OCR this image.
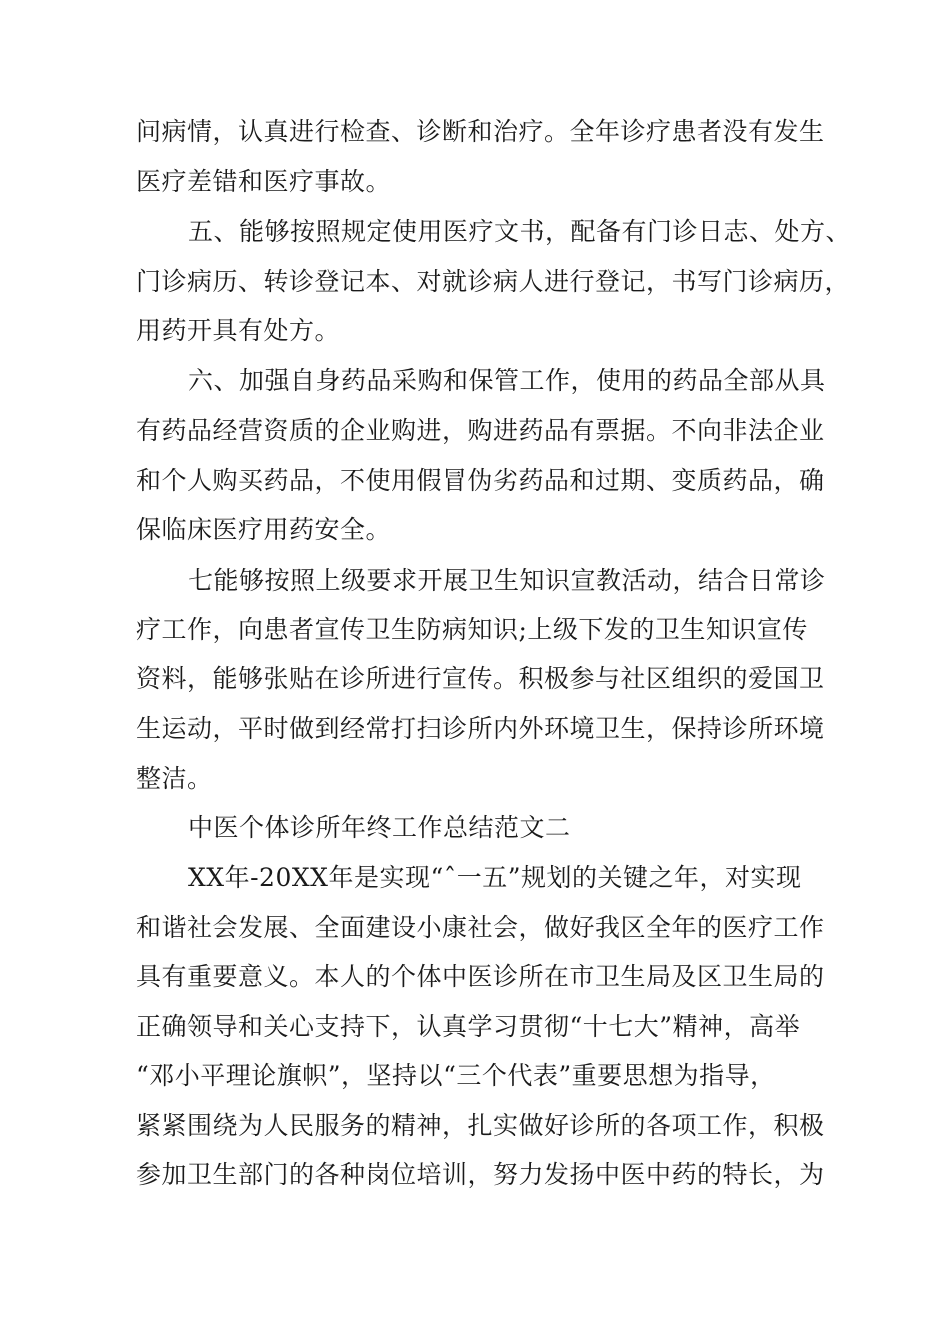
问病情，认真进行检查、诊断和治疗。全年诊疗患者没有发生
医疗差错和医疗事故。
五、能够按照规定使用医疗文书，配备有门诊日志、处方、
门诊病历、转诊登记本、对就诊病人进行登记，书写门诊病历，
用药开具有处方。
六、加强自身药品采购和保管工作，使用的药品全部从具
有药品经营资质的企业购进，购进药品有票据。不向非法企业
和个人购买药品，不使用假冒伪劣药品和过期、变质药品，确
保临床医疗用药安全。
七能够按照上级要求开展卫生知识宣教活动，结合日常诊
疗工作，向患者宣传卫生防病知识;上级下发的卫生知识宣传
资料，能够张贴在诊所进行宣传。积极参与社区组织的爱国卫
生运动，平时做到经常打扫诊所内外环境卫生，保持诊所环境
整洁。
中医个体诊所年终工作总结范文二
XX年-20XX年是实现“ˆ一五”规划的关键之年，对实现
和谐社会发展、全面建设小康社会，做好我区全年的医疗工作
具有重要意义。本人的个体中医诊所在市卫生局及区卫生局的
正确领导和关心支持下，认真学习贯彻“十七大”精神，高举
“邓小平理论旗帜”，坚持以“三个代表”重要思想为指导，
紧紧围绕为人民服务的精神，扎实做好诊所的各项工作，积极
参加卫生部门的各种岗位培训，努力发扬中医中药的特长，为
